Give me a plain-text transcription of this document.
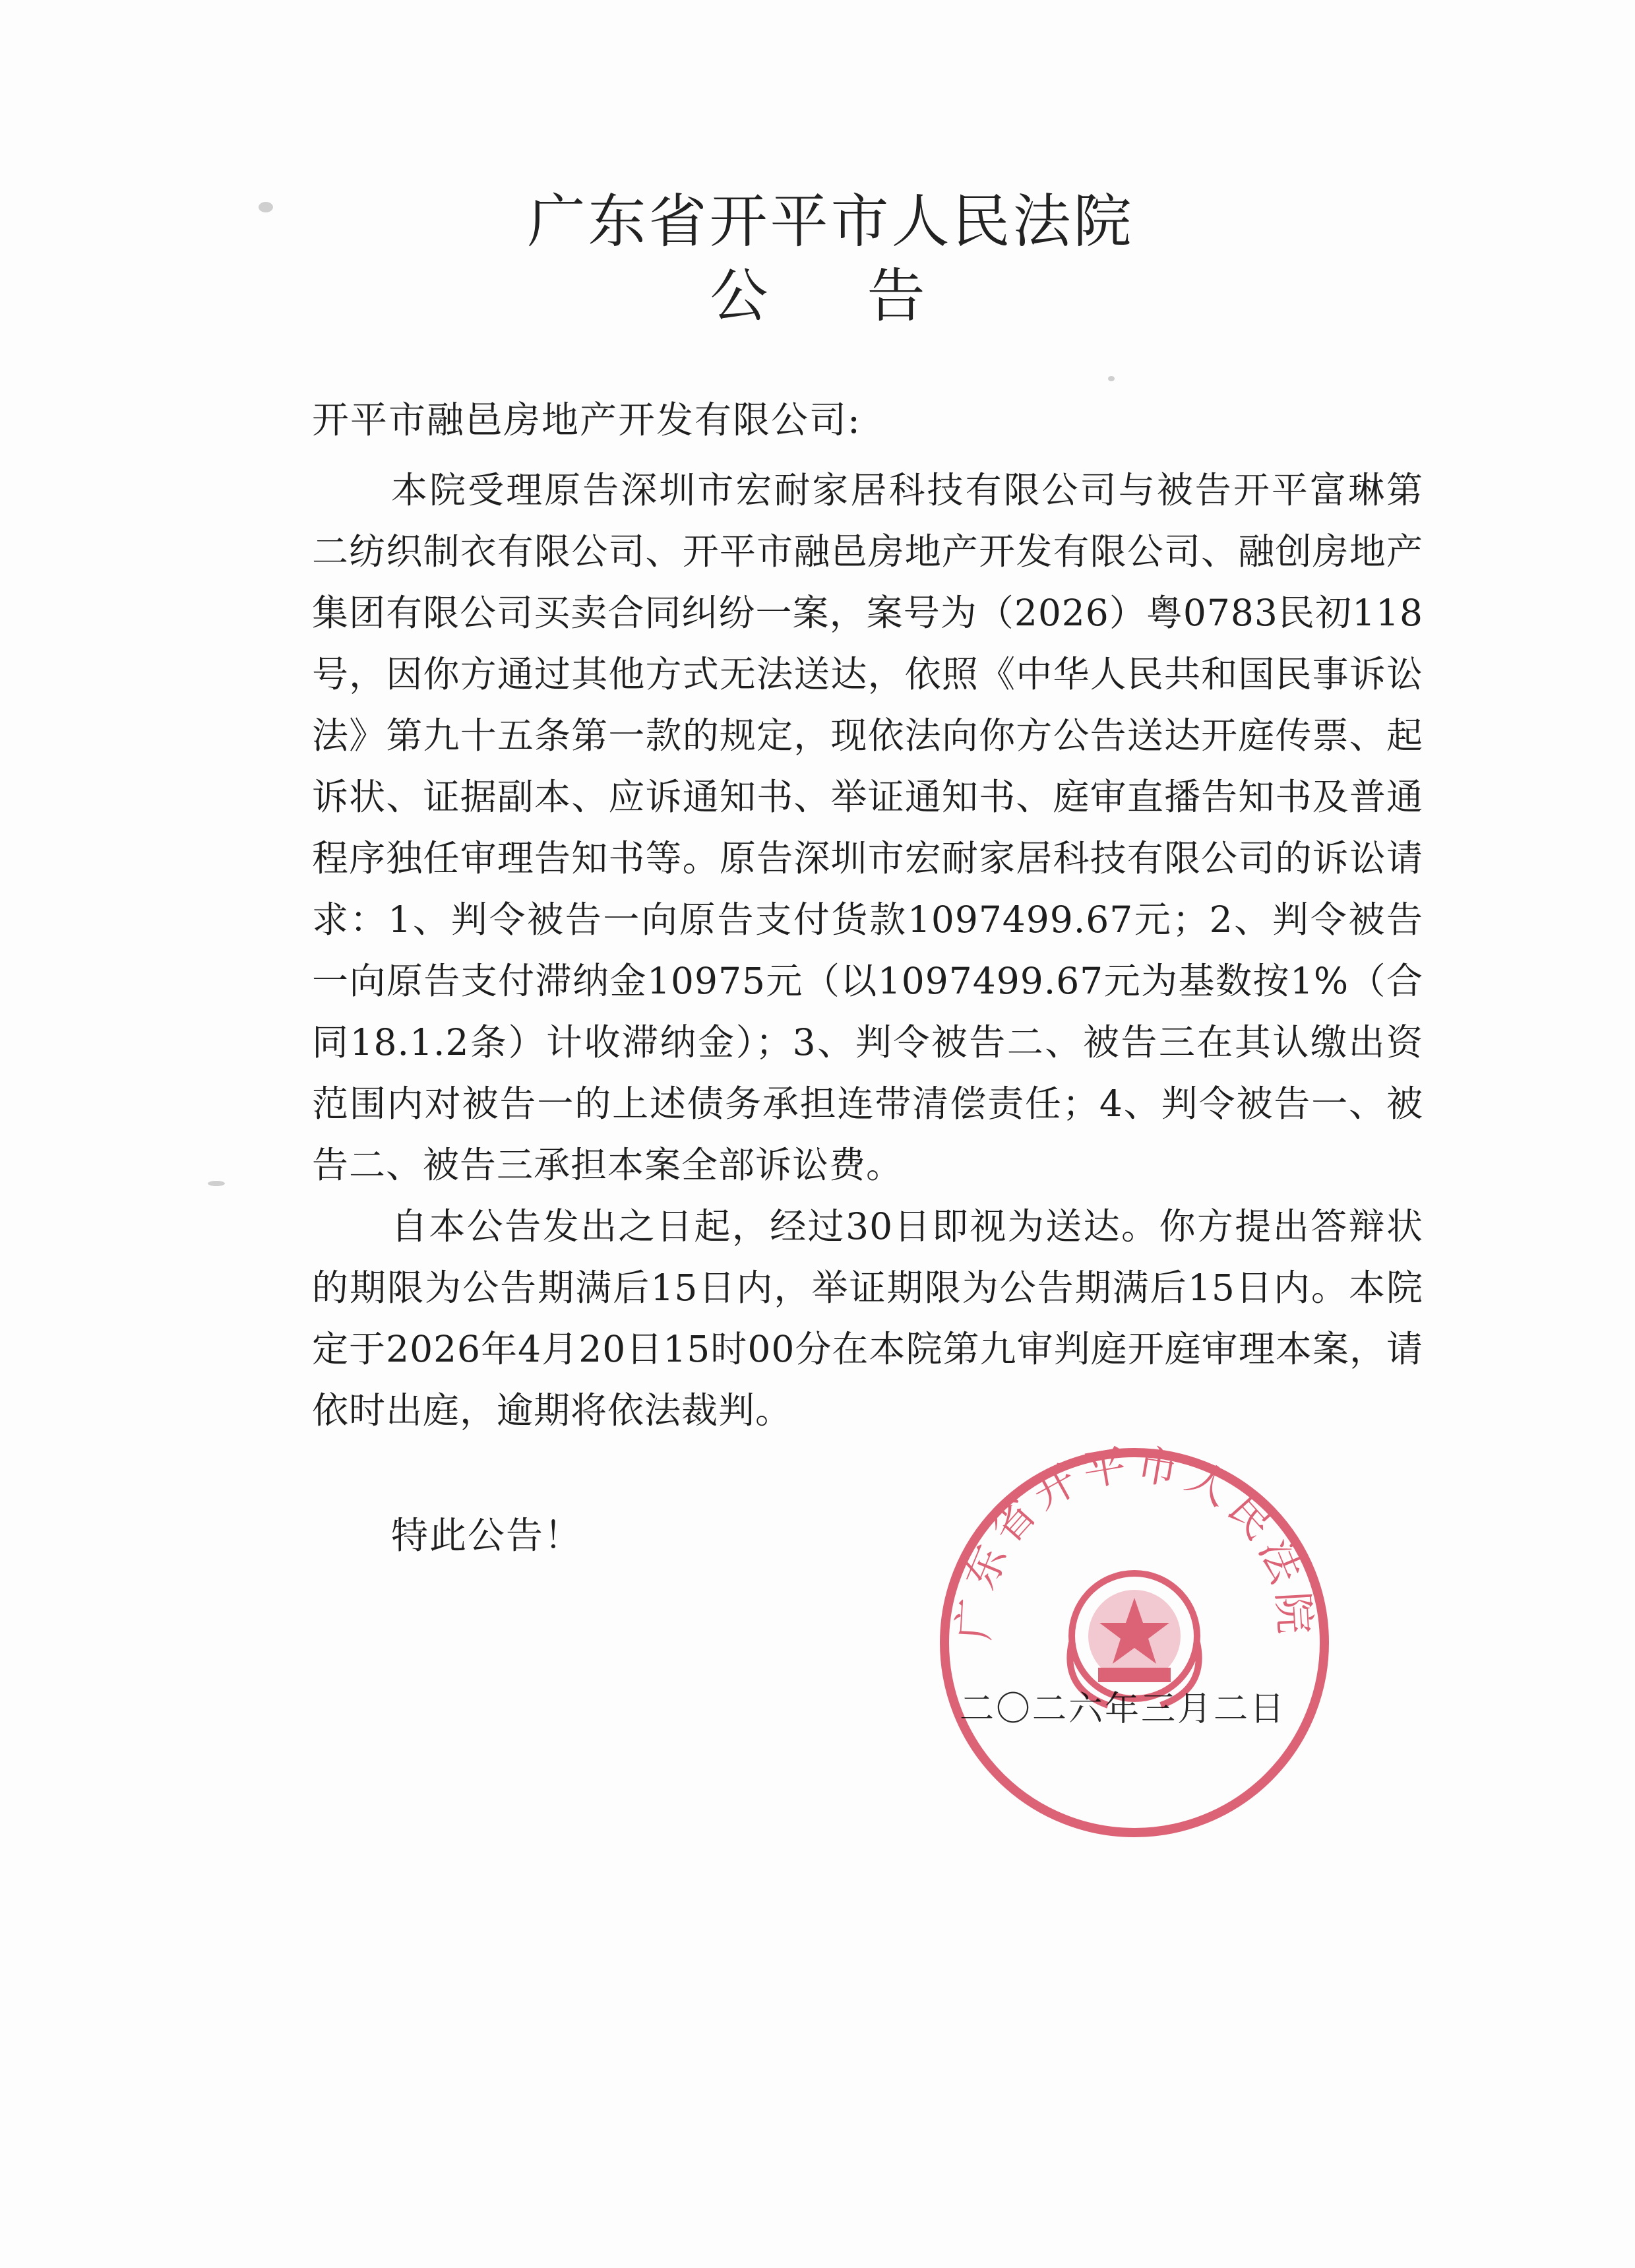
广东省开平市人民法院
公告
开平市融邑房地产开发有限公司:

本院受理原告深圳市宏耐家居科技有限公司与被告开平富琳第二纺织制衣有限公司、开平市融邑房地产开发有限公司、融创房地产集团有限公司买卖合同纠纷一案，案号为（2026）粤0783民初118号，因你方通过其他方式无法送达，依照《中华人民共和国民事诉讼法》第九十五条第一款的规定，现依法向你方公告送达开庭传票、起诉状、证据副本、应诉通知书、举证通知书、庭审直播告知书及普通程序独任审理告知书等。原告深圳市宏耐家居科技有限公司的诉讼请求：1、判令被告一向原告支付货款1097499.67元；2、判令被告一向原告支付滞纳金10975元（以1097499.67元为基数按1%（合同18.1.2条）计收滞纳金）；3、判令被告二、被告三在其认缴出资范围内对被告一的上述债务承担连带清偿责任；4、判令被告一、被告二、被告三承担本案全部诉讼费。

自本公告发出之日起，经过30日即视为送达。你方提出答辩状的期限为公告期满后15日内，举证期限为公告期满后15日内。本院定于2026年4月20日15时00分在本院第九审判庭开庭审理本案，请依时出庭，逾期将依法裁判。

特此公告！
二〇二六年三月二日
广东省开平市人民法院
